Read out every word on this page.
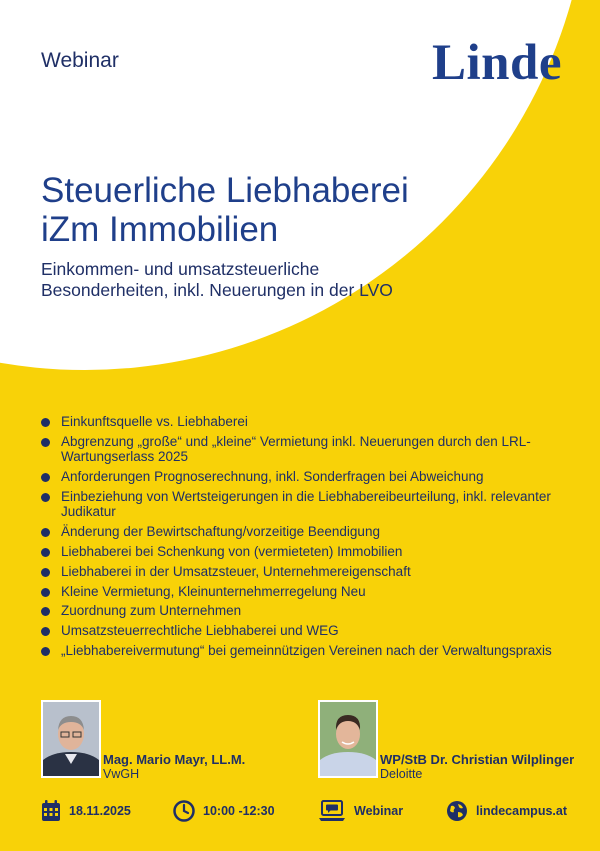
Webinar	Linde
Steuerliche Liebhaberei
iZm Immobilien
Einkommen- und umsatzsteuerliche
Besonderheiten, inkl. Neuerungen in der LVO
Einkunftsquelle vs. Liebhaberei
Abgrenzung „große“ und „kleine“ Vermietung inkl. Neuerungen durch den LRL-Wartungserlass 2025
Anforderungen Prognoserechnung, inkl. Sonderfragen bei Abweichung
Einbeziehung von Wertsteigerungen in die Liebhabereibeurteilung, inkl. relevanter Judikatur
Änderung der Bewirtschaftung/vorzeitige Beendigung
Liebhaberei bei Schenkung von (vermieteten) Immobilien
Liebhaberei in der Umsatzsteuer, Unternehmereigenschaft
Kleine Vermietung, Kleinunternehmerregelung Neu
Zuordnung zum Unternehmen
Umsatzsteuerrechtliche Liebhaberei und WEG
„Liebhabereivermutung“ bei gemeinnützigen Vereinen nach der Verwaltungspraxis
Mag. Mario Mayr, LL.M.
VwGH
WP/StB Dr. Christian Wilplinger
Deloitte
18.11.2025	10:00 -12:30	Webinar	lindecampus.at
